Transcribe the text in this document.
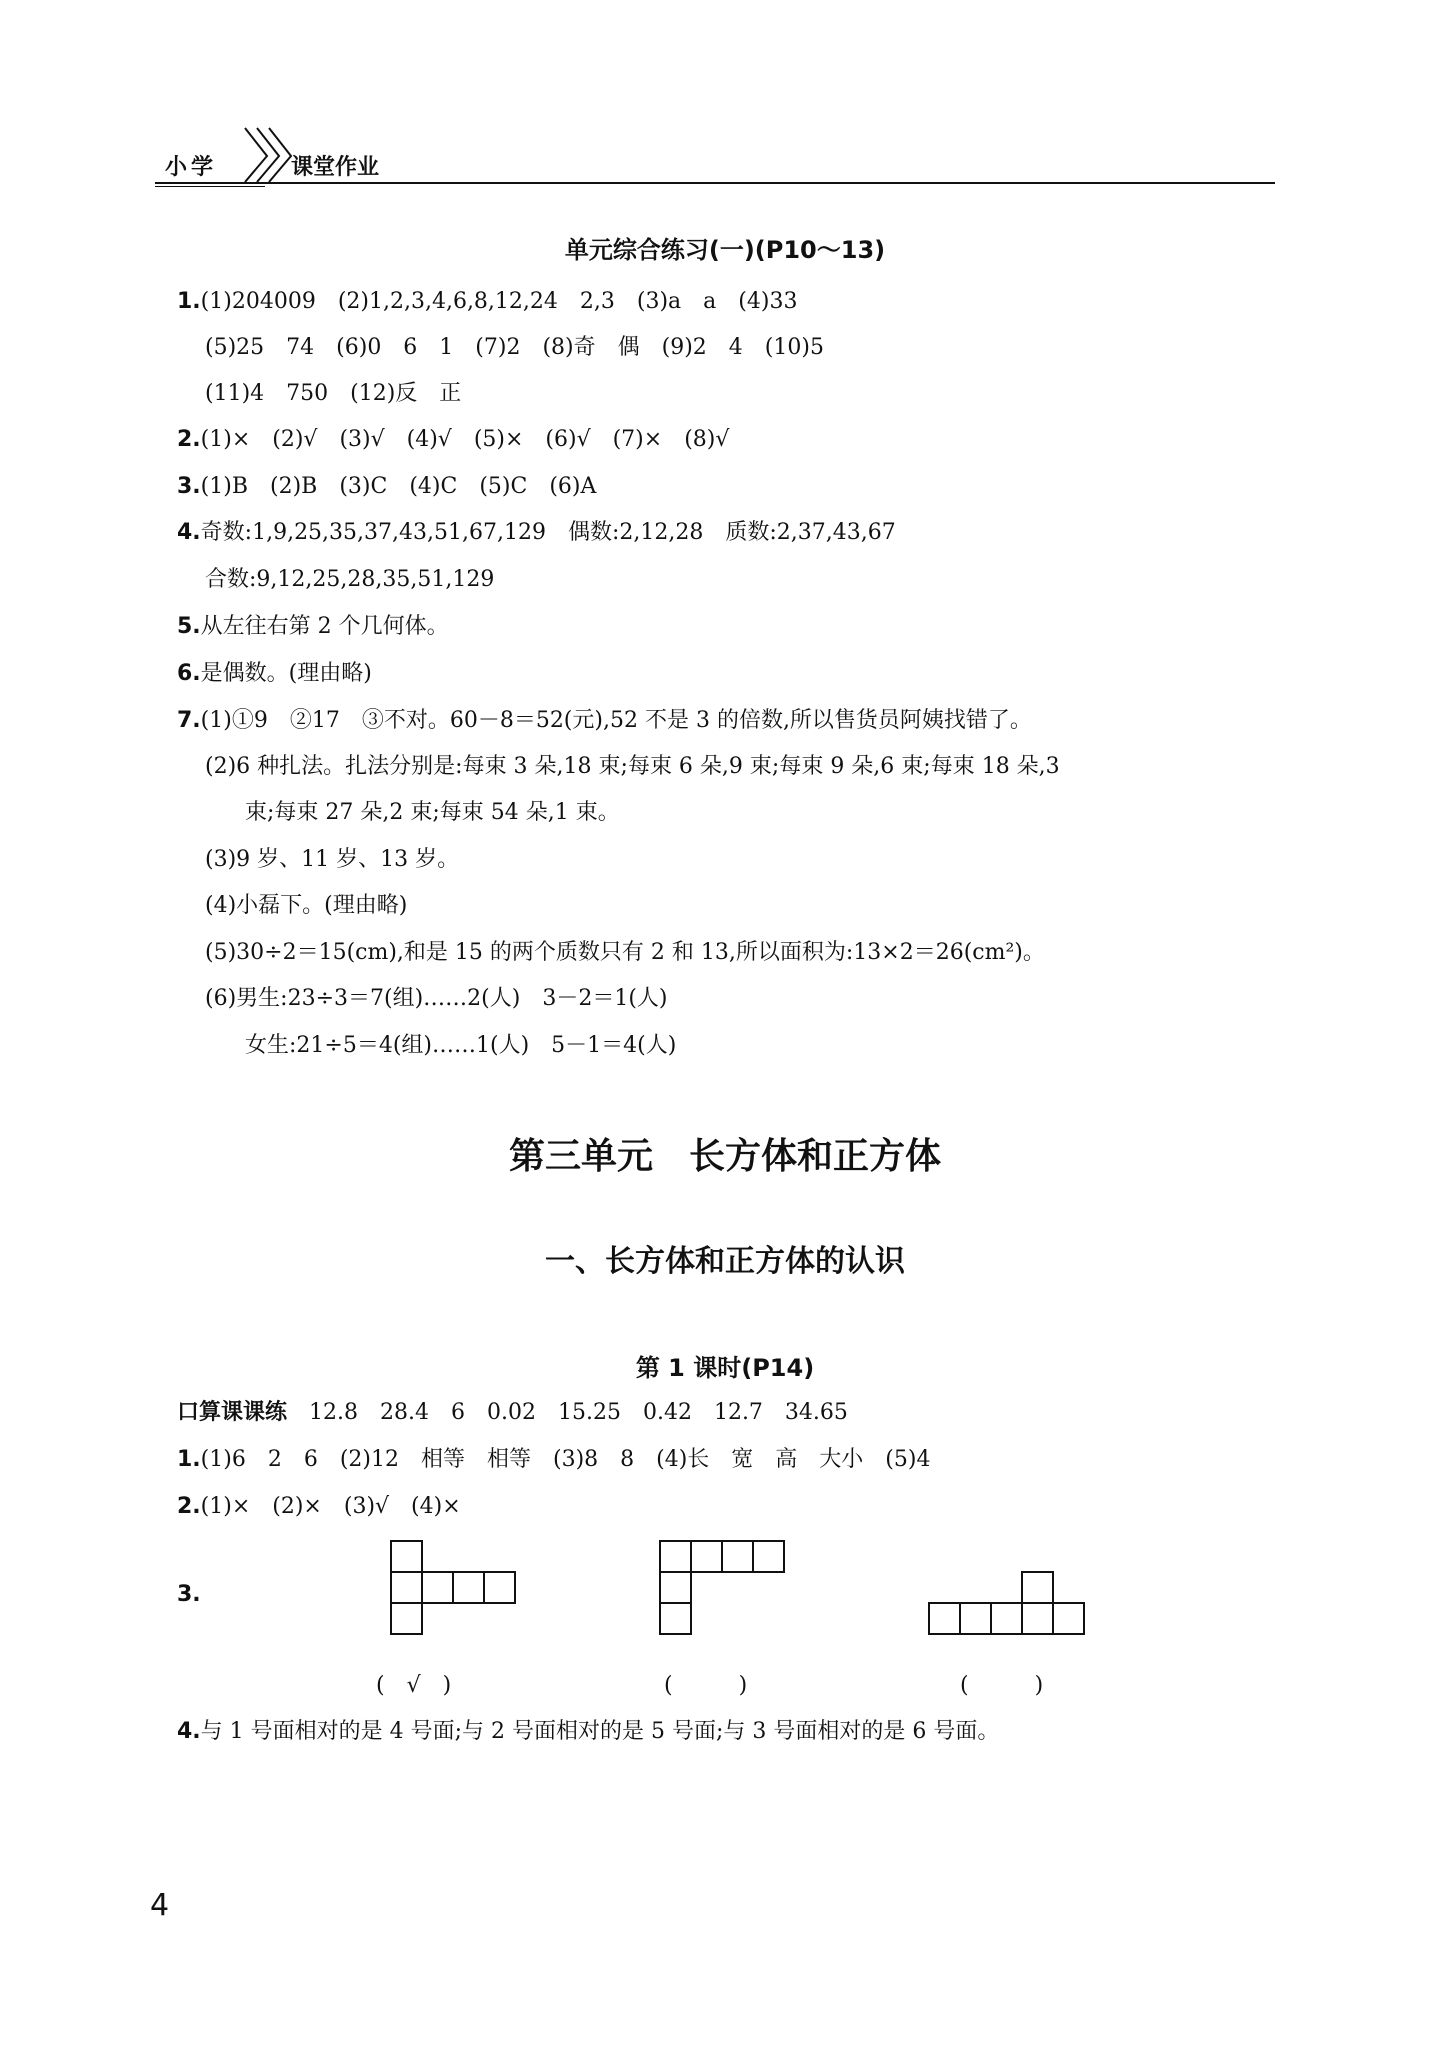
小学	课堂作业
单元综合练习(一)(P10～13)
1.(1)204009　(2)1,2,3,4,6,8,12,24　2,3　(3)a　a　(4)33
(5)25　74　(6)0　6　1　(7)2　(8)奇　偶　(9)2　4　(10)5
(11)4　750　(12)反　正
2.(1)×　(2)√　(3)√　(4)√　(5)×　(6)√　(7)×　(8)√
3.(1)B　(2)B　(3)C　(4)C　(5)C　(6)A
4.奇数:1,9,25,35,37,43,51,67,129　偶数:2,12,28　质数:2,37,43,67
合数:9,12,25,28,35,51,129
5.从左往右第 2 个几何体。
6.是偶数。(理由略)
7.(1)①9　②17　③不对。60－8＝52(元),52 不是 3 的倍数,所以售货员阿姨找错了。
(2)6 种扎法。扎法分别是:每束 3 朵,18 束;每束 6 朵,9 束;每束 9 朵,6 束;每束 18 朵,3
束;每束 27 朵,2 束;每束 54 朵,1 束。
(3)9 岁、11 岁、13 岁。
(4)小磊下。(理由略)
(5)30÷2＝15(cm),和是 15 的两个质数只有 2 和 13,所以面积为:13×2＝26(cm²)。
(6)男生:23÷3＝7(组)……2(人)　3－2＝1(人)
女生:21÷5＝4(组)……1(人)　5－1＝4(人)
第三单元　长方体和正方体
一、长方体和正方体的认识
第 1 课时(P14)
口算课课练　 12.8　28.4　6　0.02　15.25　0.42　12.7　34.65
1.(1)6　2　6　(2)12　相等　相等　(3)8　8　(4)长　宽　高　大小　(5)4
2.(1)×　(2)×　(3)√　(4)×
3.
(　√　)	(　　　)	(　　　)
4.与 1 号面相对的是 4 号面;与 2 号面相对的是 5 号面;与 3 号面相对的是 6 号面。
4
